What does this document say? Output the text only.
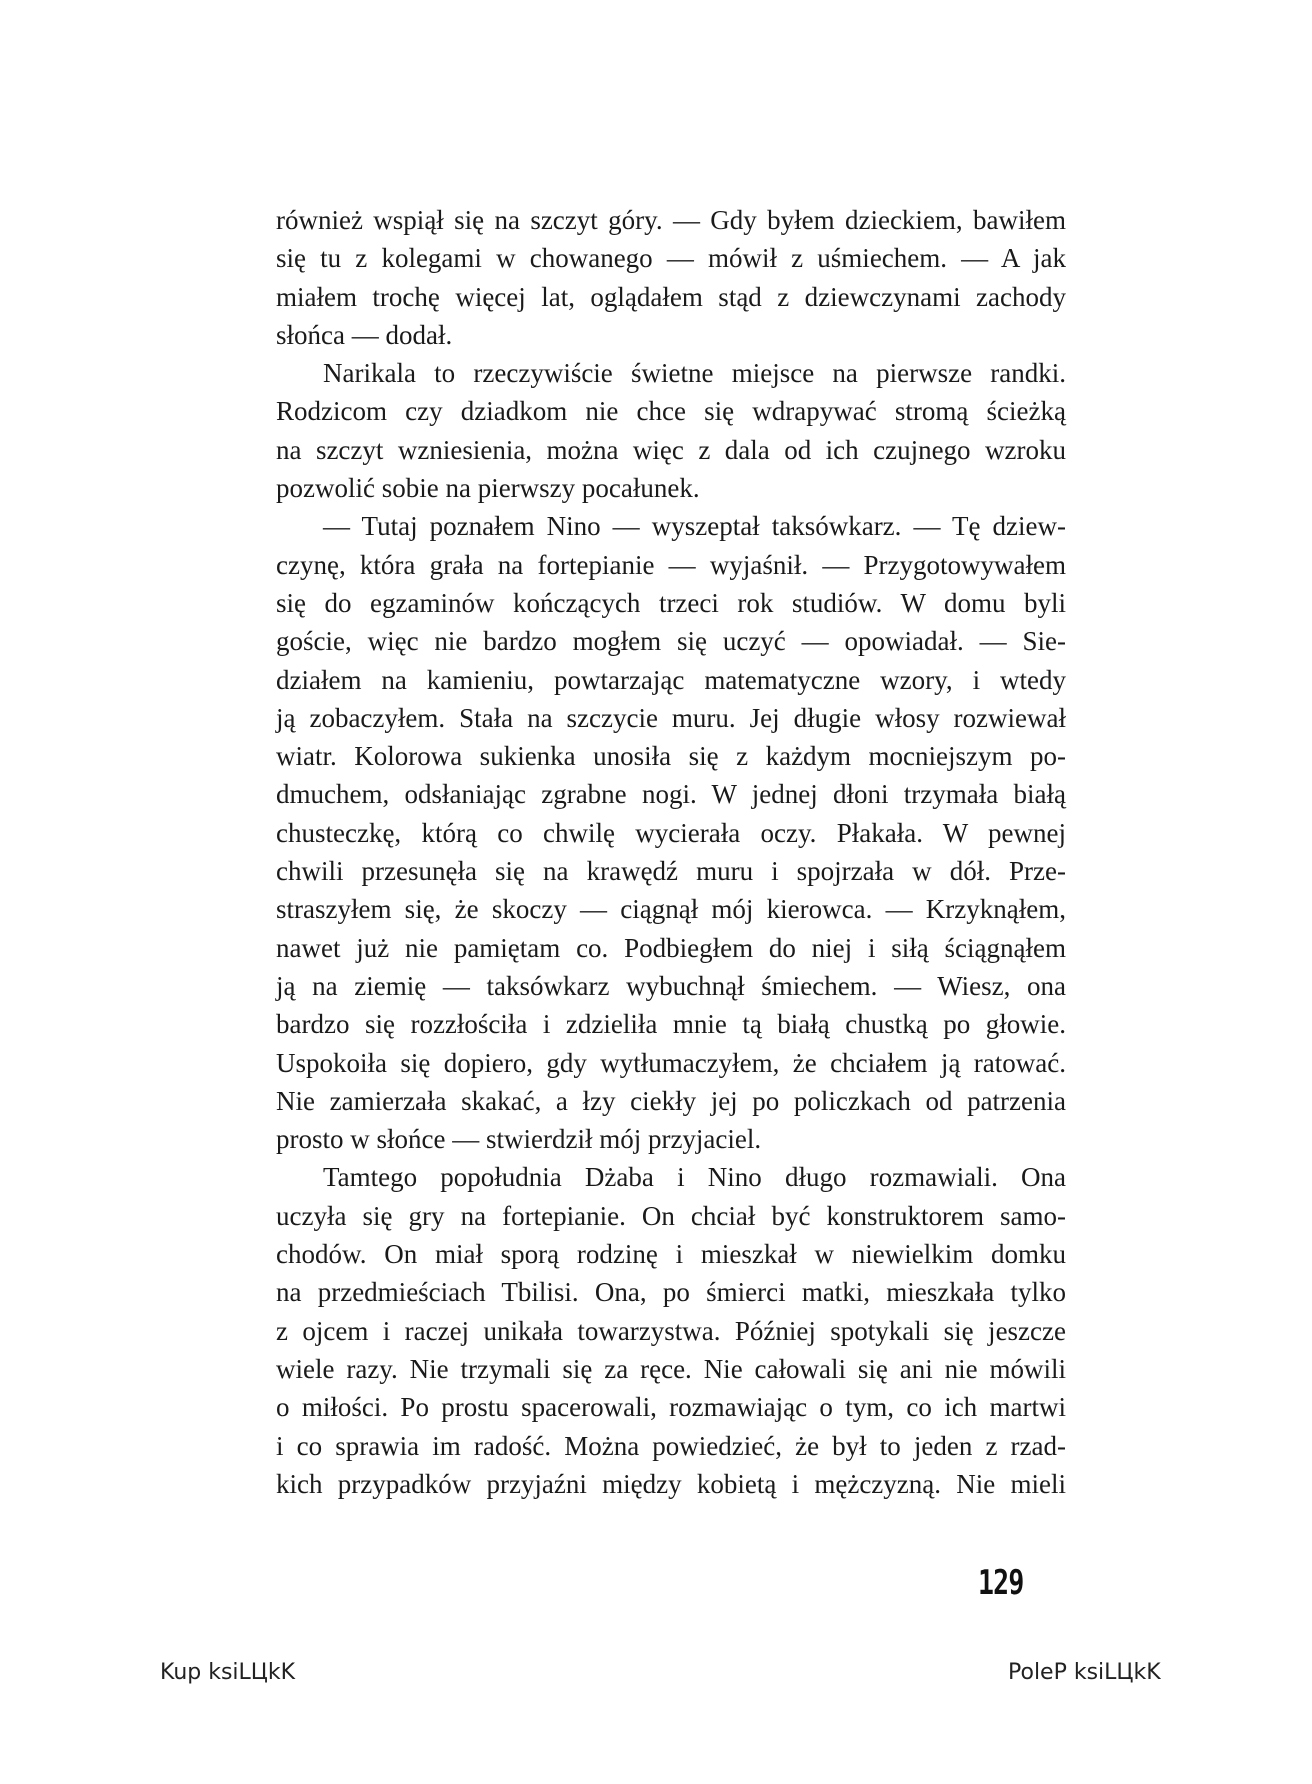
również wspiął się na szczyt góry. — Gdy byłem dzieckiem, bawiłem
się tu z kolegami w chowanego — mówił z uśmiechem. — A jak
miałem trochę więcej lat, oglądałem stąd z dziewczynami zachody
słońca — dodał.
Narikala to rzeczywiście świetne miejsce na pierwsze randki.
Rodzicom czy dziadkom nie chce się wdrapywać stromą ścieżką
na szczyt wzniesienia, można więc z dala od ich czujnego wzroku
pozwolić sobie na pierwszy pocałunek.
— Tutaj poznałem Nino — wyszeptał taksówkarz. — Tę dziew-
czynę, która grała na fortepianie — wyjaśnił. — Przygotowywałem
się do egzaminów kończących trzeci rok studiów. W domu byli
goście, więc nie bardzo mogłem się uczyć — opowiadał. — Sie-
działem na kamieniu, powtarzając matematyczne wzory, i wtedy
ją zobaczyłem. Stała na szczycie muru. Jej długie włosy rozwiewał
wiatr. Kolorowa sukienka unosiła się z każdym mocniejszym po-
dmuchem, odsłaniając zgrabne nogi. W jednej dłoni trzymała białą
chusteczkę, którą co chwilę wycierała oczy. Płakała. W pewnej
chwili przesunęła się na krawędź muru i spojrzała w dół. Prze-
straszyłem się, że skoczy — ciągnął mój kierowca. — Krzyknąłem,
nawet już nie pamiętam co. Podbiegłem do niej i siłą ściągnąłem
ją na ziemię — taksówkarz wybuchnął śmiechem. — Wiesz, ona
bardzo się rozzłościła i zdzieliła mnie tą białą chustką po głowie.
Uspokoiła się dopiero, gdy wytłumaczyłem, że chciałem ją ratować.
Nie zamierzała skakać, a łzy ciekły jej po policzkach od patrzenia
prosto w słońce — stwierdził mój przyjaciel.
Tamtego popołudnia Dżaba i Nino długo rozmawiali. Ona
uczyła się gry na fortepianie. On chciał być konstruktorem samo-
chodów. On miał sporą rodzinę i mieszkał w niewielkim domku
na przedmieściach Tbilisi. Ona, po śmierci matki, mieszkała tylko
z ojcem i raczej unikała towarzystwa. Później spotykali się jeszcze
wiele razy. Nie trzymali się za ręce. Nie całowali się ani nie mówili
o miłości. Po prostu spacerowali, rozmawiając o tym, co ich martwi
i co sprawia im radość. Można powiedzieć, że był to jeden z rzad-
kich przypadków przyjaźni między kobietą i mężczyzną. Nie mieli
129
Kup ksiLЦkK	PoleP ksiLЦkK
